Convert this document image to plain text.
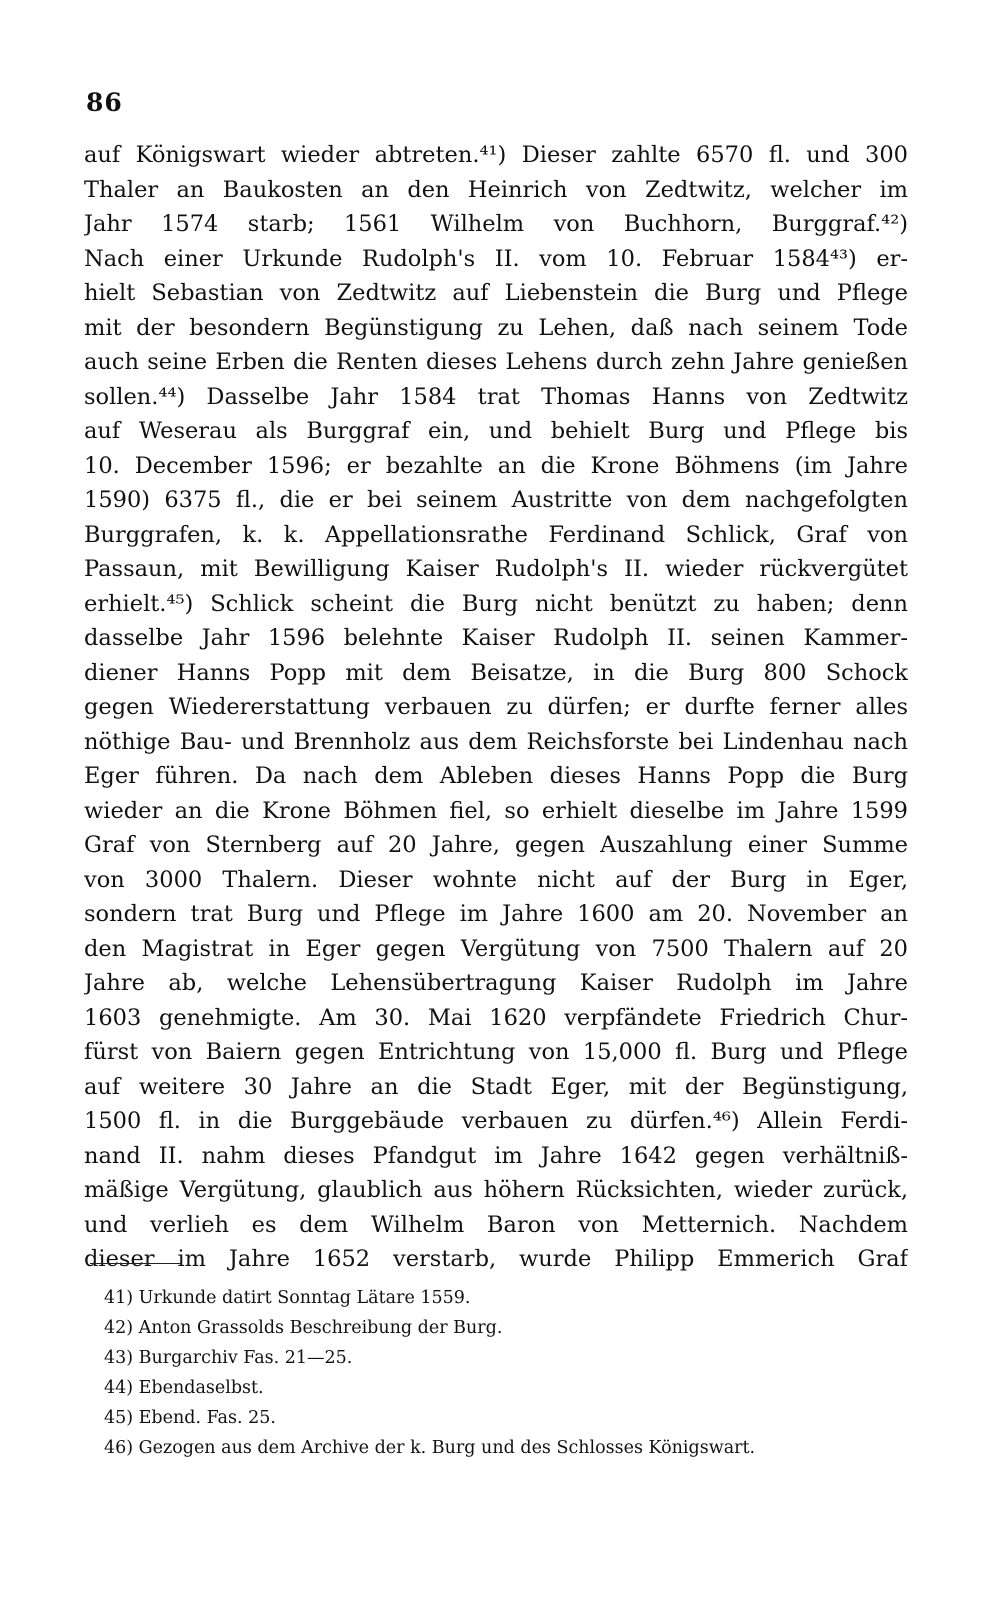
86
auf Königswart wieder abtreten.⁴¹) Dieser zahlte 6570 fl. und 300
Thaler an Baukosten an den Heinrich von Zedtwitz, welcher im
Jahr 1574 starb; 1561 Wilhelm von Buchhorn, Burggraf.⁴²)
Nach einer Urkunde Rudolph's II. vom 10. Februar 1584⁴³) er-
hielt Sebastian von Zedtwitz auf Liebenstein die Burg und Pflege
mit der besondern Begünstigung zu Lehen, daß nach seinem Tode
auch seine Erben die Renten dieses Lehens durch zehn Jahre genießen
sollen.⁴⁴) Dasselbe Jahr 1584 trat Thomas Hanns von Zedtwitz
auf Weserau als Burggraf ein, und behielt Burg und Pflege bis
10. December 1596; er bezahlte an die Krone Böhmens (im Jahre
1590) 6375 fl., die er bei seinem Austritte von dem nachgefolgten
Burggrafen, k. k. Appellationsrathe Ferdinand Schlick, Graf von
Passaun, mit Bewilligung Kaiser Rudolph's II. wieder rückvergütet
erhielt.⁴⁵) Schlick scheint die Burg nicht benützt zu haben; denn
dasselbe Jahr 1596 belehnte Kaiser Rudolph II. seinen Kammer-
diener Hanns Popp mit dem Beisatze, in die Burg 800 Schock
gegen Wiedererstattung verbauen zu dürfen; er durfte ferner alles
nöthige Bau- und Brennholz aus dem Reichsforste bei Lindenhau nach
Eger führen. Da nach dem Ableben dieses Hanns Popp die Burg
wieder an die Krone Böhmen fiel, so erhielt dieselbe im Jahre 1599
Graf von Sternberg auf 20 Jahre, gegen Auszahlung einer Summe
von 3000 Thalern. Dieser wohnte nicht auf der Burg in Eger,
sondern trat Burg und Pflege im Jahre 1600 am 20. November an
den Magistrat in Eger gegen Vergütung von 7500 Thalern auf 20
Jahre ab, welche Lehensübertragung Kaiser Rudolph im Jahre
1603 genehmigte. Am 30. Mai 1620 verpfändete Friedrich Chur-
fürst von Baiern gegen Entrichtung von 15,000 fl. Burg und Pflege
auf weitere 30 Jahre an die Stadt Eger, mit der Begünstigung,
1500 fl. in die Burggebäude verbauen zu dürfen.⁴⁶) Allein Ferdi-
nand II. nahm dieses Pfandgut im Jahre 1642 gegen verhältniß-
mäßige Vergütung, glaublich aus höhern Rücksichten, wieder zurück,
und verlieh es dem Wilhelm Baron von Metternich. Nachdem
dieser im Jahre 1652 verstarb, wurde Philipp Emmerich Graf
41) Urkunde datirt Sonntag Lätare 1559.
42) Anton Grassolds Beschreibung der Burg.
43) Burgarchiv Fas. 21—25.
44) Ebendaselbst.
45) Ebend. Fas. 25.
46) Gezogen aus dem Archive der k. Burg und des Schlosses Königswart.
